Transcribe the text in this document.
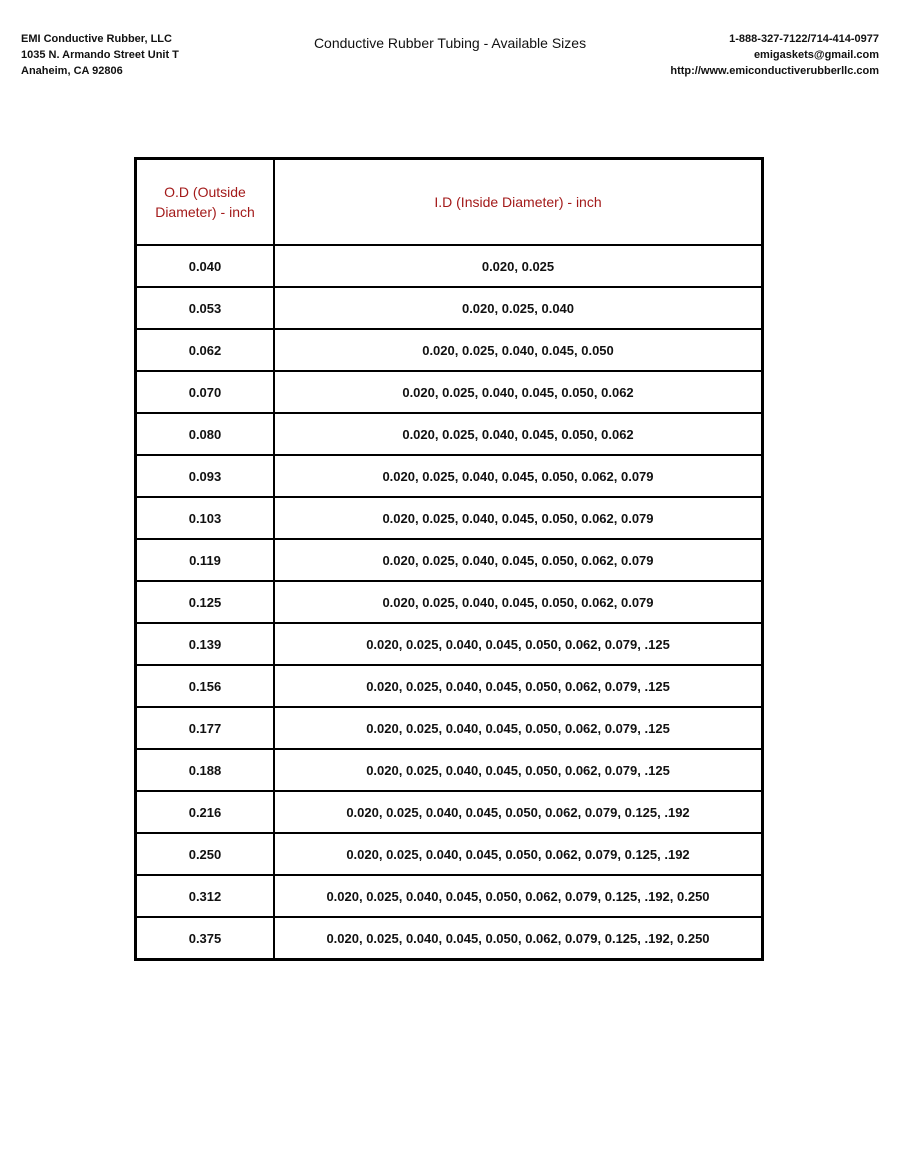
EMI Conductive Rubber, LLC
1035 N. Armando Street Unit T
Anaheim, CA 92806
Conductive Rubber Tubing - Available Sizes	1-888-327-7122/714-414-0977
emigaskets@gmail.com
http://www.emiconductiverubberllc.com
O.D (Outside Diameter) - inch	I.D (Inside Diameter) - inch
0.040	0.020, 0.025
0.053	0.020, 0.025, 0.040
0.062	0.020, 0.025, 0.040, 0.045, 0.050
0.070	0.020, 0.025, 0.040, 0.045, 0.050, 0.062
0.080	0.020, 0.025, 0.040, 0.045, 0.050, 0.062
0.093	0.020, 0.025, 0.040, 0.045, 0.050, 0.062, 0.079
0.103	0.020, 0.025, 0.040, 0.045, 0.050, 0.062, 0.079
0.119	0.020, 0.025, 0.040, 0.045, 0.050, 0.062, 0.079
0.125	0.020, 0.025, 0.040, 0.045, 0.050, 0.062, 0.079
0.139	0.020, 0.025, 0.040, 0.045, 0.050, 0.062, 0.079, .125
0.156	0.020, 0.025, 0.040, 0.045, 0.050, 0.062, 0.079, .125
0.177	0.020, 0.025, 0.040, 0.045, 0.050, 0.062, 0.079, .125
0.188	0.020, 0.025, 0.040, 0.045, 0.050, 0.062, 0.079, .125
0.216	0.020, 0.025, 0.040, 0.045, 0.050, 0.062, 0.079, 0.125, .192
0.250	0.020, 0.025, 0.040, 0.045, 0.050, 0.062, 0.079, 0.125, .192
0.312	0.020, 0.025, 0.040, 0.045, 0.050, 0.062, 0.079, 0.125, .192, 0.250
0.375	0.020, 0.025, 0.040, 0.045, 0.050, 0.062, 0.079, 0.125, .192, 0.250
